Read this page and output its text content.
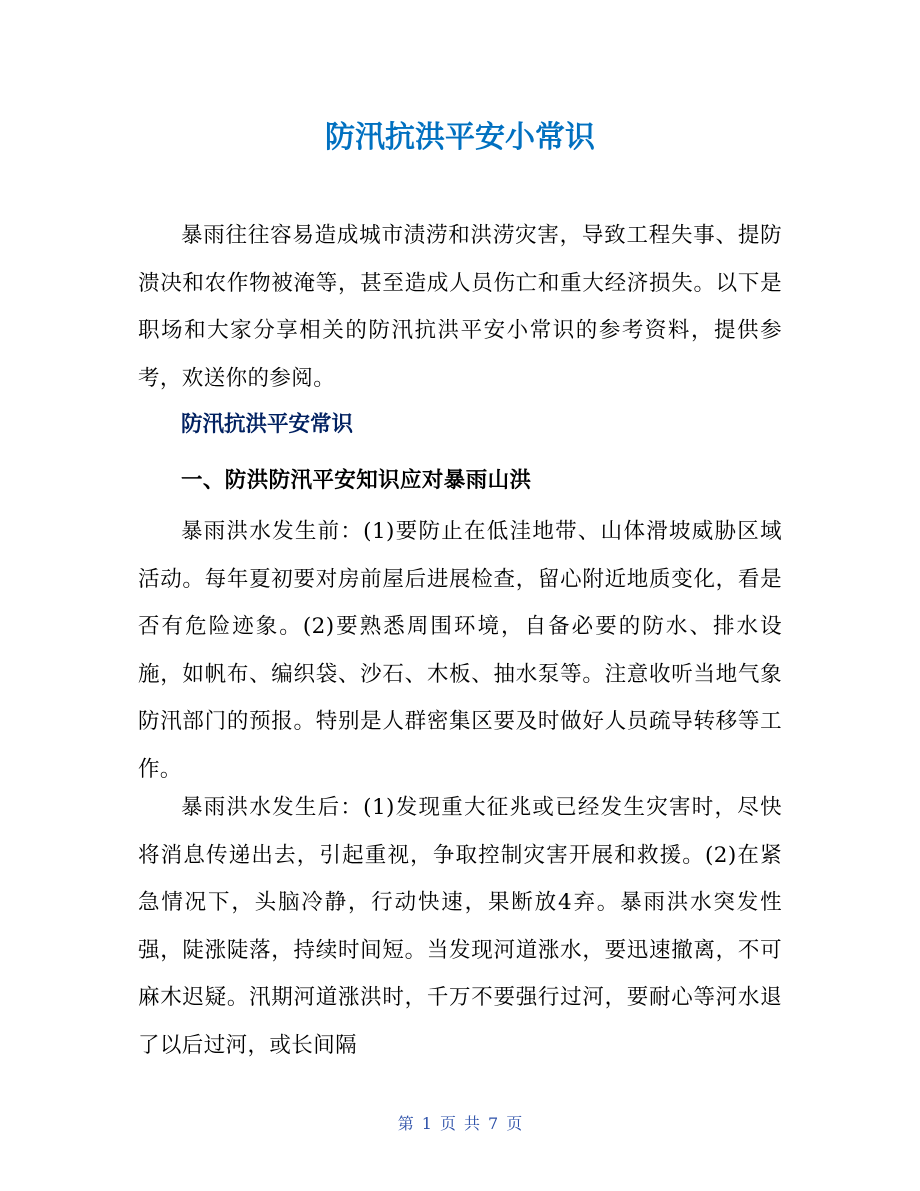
防汛抗洪平安小常识

暴雨往往容易造成城市渍涝和洪涝灾害，导致工程失事、提防溃决和农作物被淹等，甚至造成人员伤亡和重大经济损失。以下是职场和大家分享相关的防汛抗洪平安小常识的参考资料，提供参考，欢送你的参阅。

防汛抗洪平安常识
一、防洪防汛平安知识应对暴雨山洪

暴雨洪水发生前：(1)要防止在低洼地带、山体滑坡威胁区域活动。每年夏初要对房前屋后进展检查，留心附近地质变化，看是否有危险迹象。(2)要熟悉周围环境，自备必要的防水、排水设施，如帆布、编织袋、沙石、木板、抽水泵等。注意收听当地气象防汛部门的预报。特别是人群密集区要及时做好人员疏导转移等工作。

暴雨洪水发生后：(1)发现重大征兆或已经发生灾害时，尽快将消息传递出去，引起重视，争取控制灾害开展和救援。(2)在紧急情况下，头脑冷静，行动快速，果断放4弃。暴雨洪水突发性强，陡涨陡落，持续时间短。当发现河道涨水，要迅速撤离，不可麻木迟疑。汛期河道涨洪时，千万不要强行过河，要耐心等河水退了以后过河，或长间隔

第 1 页 共 7 页
